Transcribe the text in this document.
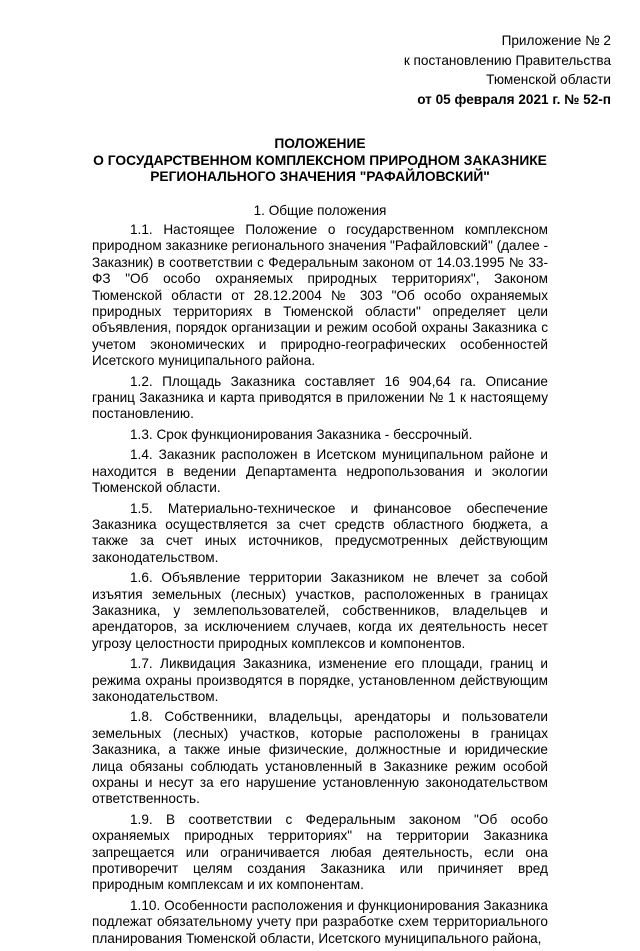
Приложение № 2
к постановлению Правительства
Тюменской области
от 05 февраля 2021 г. № 52-п
ПОЛОЖЕНИЕ
О ГОСУДАРСТВЕННОМ КОМПЛЕКСНОМ ПРИРОДНОМ ЗАКАЗНИКЕ
РЕГИОНАЛЬНОГО ЗНАЧЕНИЯ "РАФАЙЛОВСКИЙ"
1. Общие положения

1.1. Настоящее Положение о государственном комплексном природном заказнике регионального значения "Рафайловский" (далее - Заказник) в соответствии с Федеральным законом от 14.03.1995 № 33-ФЗ "Об особо охраняемых природных территориях", Законом Тюменской области от 28.12.2004 № 303 "Об особо охраняемых природных территориях в Тюменской области" определяет цели объявления, порядок организации и режим особой охраны Заказника с учетом экономических и природно-географических особенностей Исетского муниципального района.

1.2. Площадь Заказника составляет 16 904,64 га. Описание границ Заказника и карта приводятся в приложении № 1 к настоящему постановлению.

1.3. Срок функционирования Заказника - бессрочный.

1.4. Заказник расположен в Исетском муниципальном районе и находится в ведении Департамента недропользования и экологии Тюменской области.

1.5. Материально-техническое и финансовое обеспечение Заказника осуществляется за счет средств областного бюджета, а также за счет иных источников, предусмотренных действующим законодательством.

1.6. Объявление территории Заказником не влечет за собой изъятия земельных (лесных) участков, расположенных в границах Заказника, у землепользователей, собственников, владельцев и арендаторов, за исключением случаев, когда их деятельность несет угрозу целостности природных комплексов и компонентов.

1.7. Ликвидация Заказника, изменение его площади, границ и режима охраны производятся в порядке, установленном действующим законодательством.

1.8. Собственники, владельцы, арендаторы и пользователи земельных (лесных) участков, которые расположены в границах Заказника, а также иные физические, должностные и юридические лица обязаны соблюдать установленный в Заказнике режим особой охраны и несут за его нарушение установленную законодательством ответственность.

1.9. В соответствии с Федеральным законом "Об особо охраняемых природных территориях" на территории Заказника запрещается или ограничивается любая деятельность, если она противоречит целям создания Заказника или причиняет вред природным комплексам и их компонентам.

1.10. Особенности расположения и функционирования Заказника подлежат обязательному учету при разработке схем территориального планирования Тюменской области, Исетского муниципального района,
